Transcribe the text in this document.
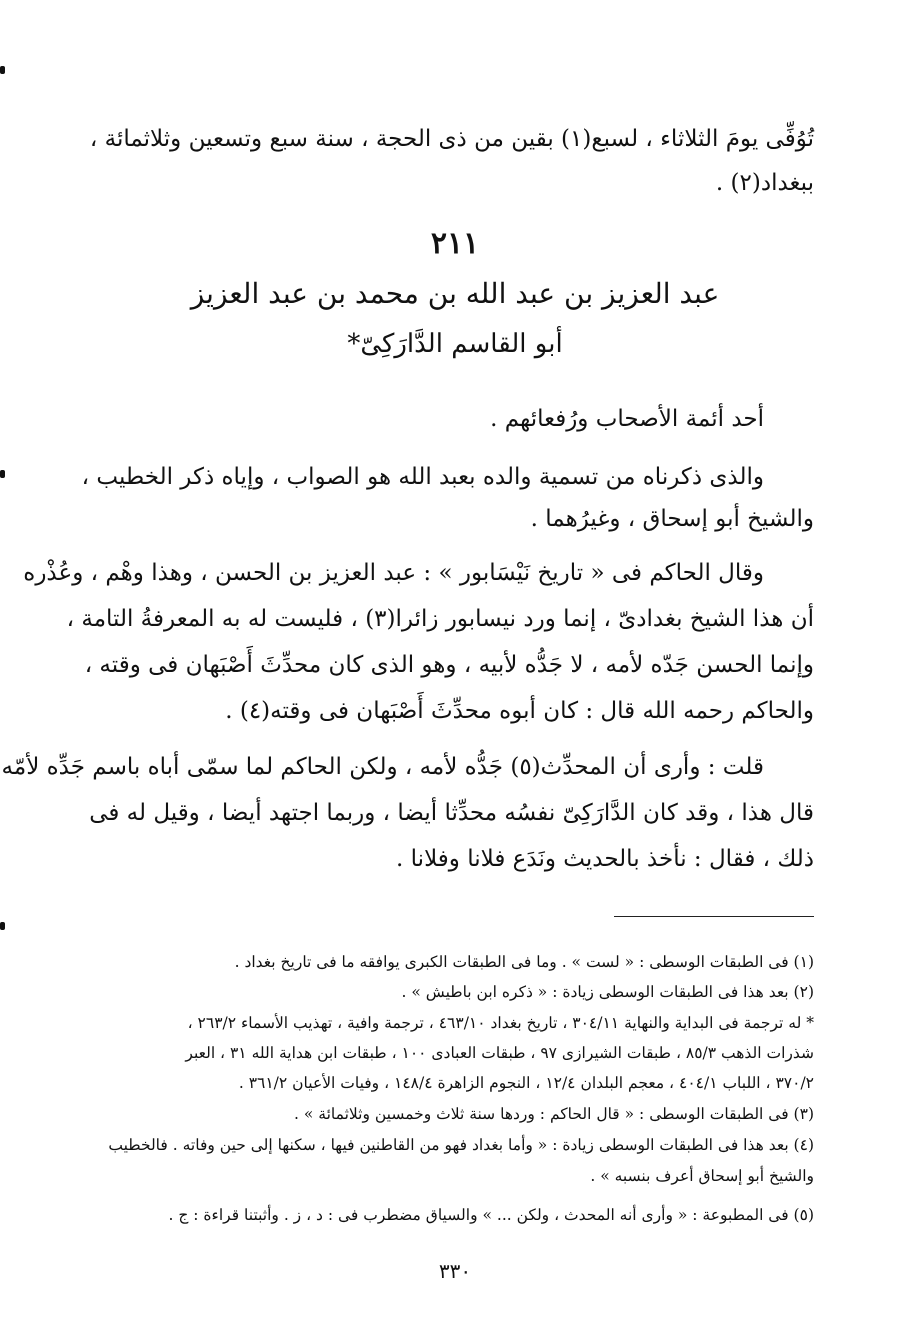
تُوُفِّى يومَ الثلاثاء ، لسبع(١) بقين من ذى الحجة ، سنة سبع وتسعين وثلاثمائة ،
ببغداد(٢) .
٢١١
عبد العزيز بن عبد الله بن محمد بن عبد العزيز
أبو القاسم الدَّارَكِىّ*
أحد أئمة الأصحاب ورُفعائهم .
والذى ذكرناه من تسمية والده بعبد الله هو الصواب ، وإياه ذكر الخطيب ،
والشيخ أبو إسحاق ، وغيرُهما .
وقال الحاكم فى « تاريخ نَيْسَابور » : عبد العزيز بن الحسن ، وهذا وهْم ، وعُذْره
أن هذا الشيخ بغدادىّ ، إنما ورد نيسابور زائرا(٣) ، فليست له به المعرفةُ التامة ،
وإنما الحسن جَدّه لأمه ، لا جَدُّه لأبيه ، وهو الذى كان محدِّثَ أَصْبَهان فى وقته ،
والحاكم رحمه الله قال : كان أبوه محدِّثَ أَصْبَهان فى وقته(٤) .
قلت : وأرى أن المحدِّث(٥) جَدُّه لأمه ، ولكن الحاكم لما سمّى أباه باسم جَدِّه لأمّه
قال هذا ، وقد كان الدَّارَكِىّ نفسُه محدِّثا أيضا ، وربما اجتهد أيضا ، وقيل له فى
ذلك ، فقال : نأخذ بالحديث ونَدَع فلانا وفلانا .
(١) فى الطبقات الوسطى : « لست » . وما فى الطبقات الكبرى يوافقه ما فى تاريخ بغداد .
(٢) بعد هذا فى الطبقات الوسطى زيادة : « ذكره ابن باطيش » .
* له ترجمة فى البداية والنهاية ٣٠٤/١١ ، تاريخ بغداد ٤٦٣/١٠ ، ترجمة وافية ، تهذيب الأسماء ٢٦٣/٢ ،
شذرات الذهب ٨٥/٣ ، طبقات الشيرازى ٩٧ ، طبقات العبادى ١٠٠ ، طبقات ابن هداية الله ٣١ ، العبر
٣٧٠/٢ ، اللباب ٤٠٤/١ ، معجم البلدان ١٢/٤ ، النجوم الزاهرة ١٤٨/٤ ، وفيات الأعيان ٣٦١/٢ .
(٣) فى الطبقات الوسطى : « قال الحاكم : وردها سنة ثلاث وخمسين وثلاثمائة » .
(٤) بعد هذا فى الطبقات الوسطى زيادة : « وأما بغداد فهو من القاطنين فيها ، سكنها إلى حين وفاته . فالخطيب
والشيخ أبو إسحاق أعرف بنسبه » .
(٥) فى المطبوعة : « وأرى أنه المحدث ، ولكن ... » والسياق مضطرب فى : د ، ز . وأثبتنا قراءة : ج .
٣٣٠
